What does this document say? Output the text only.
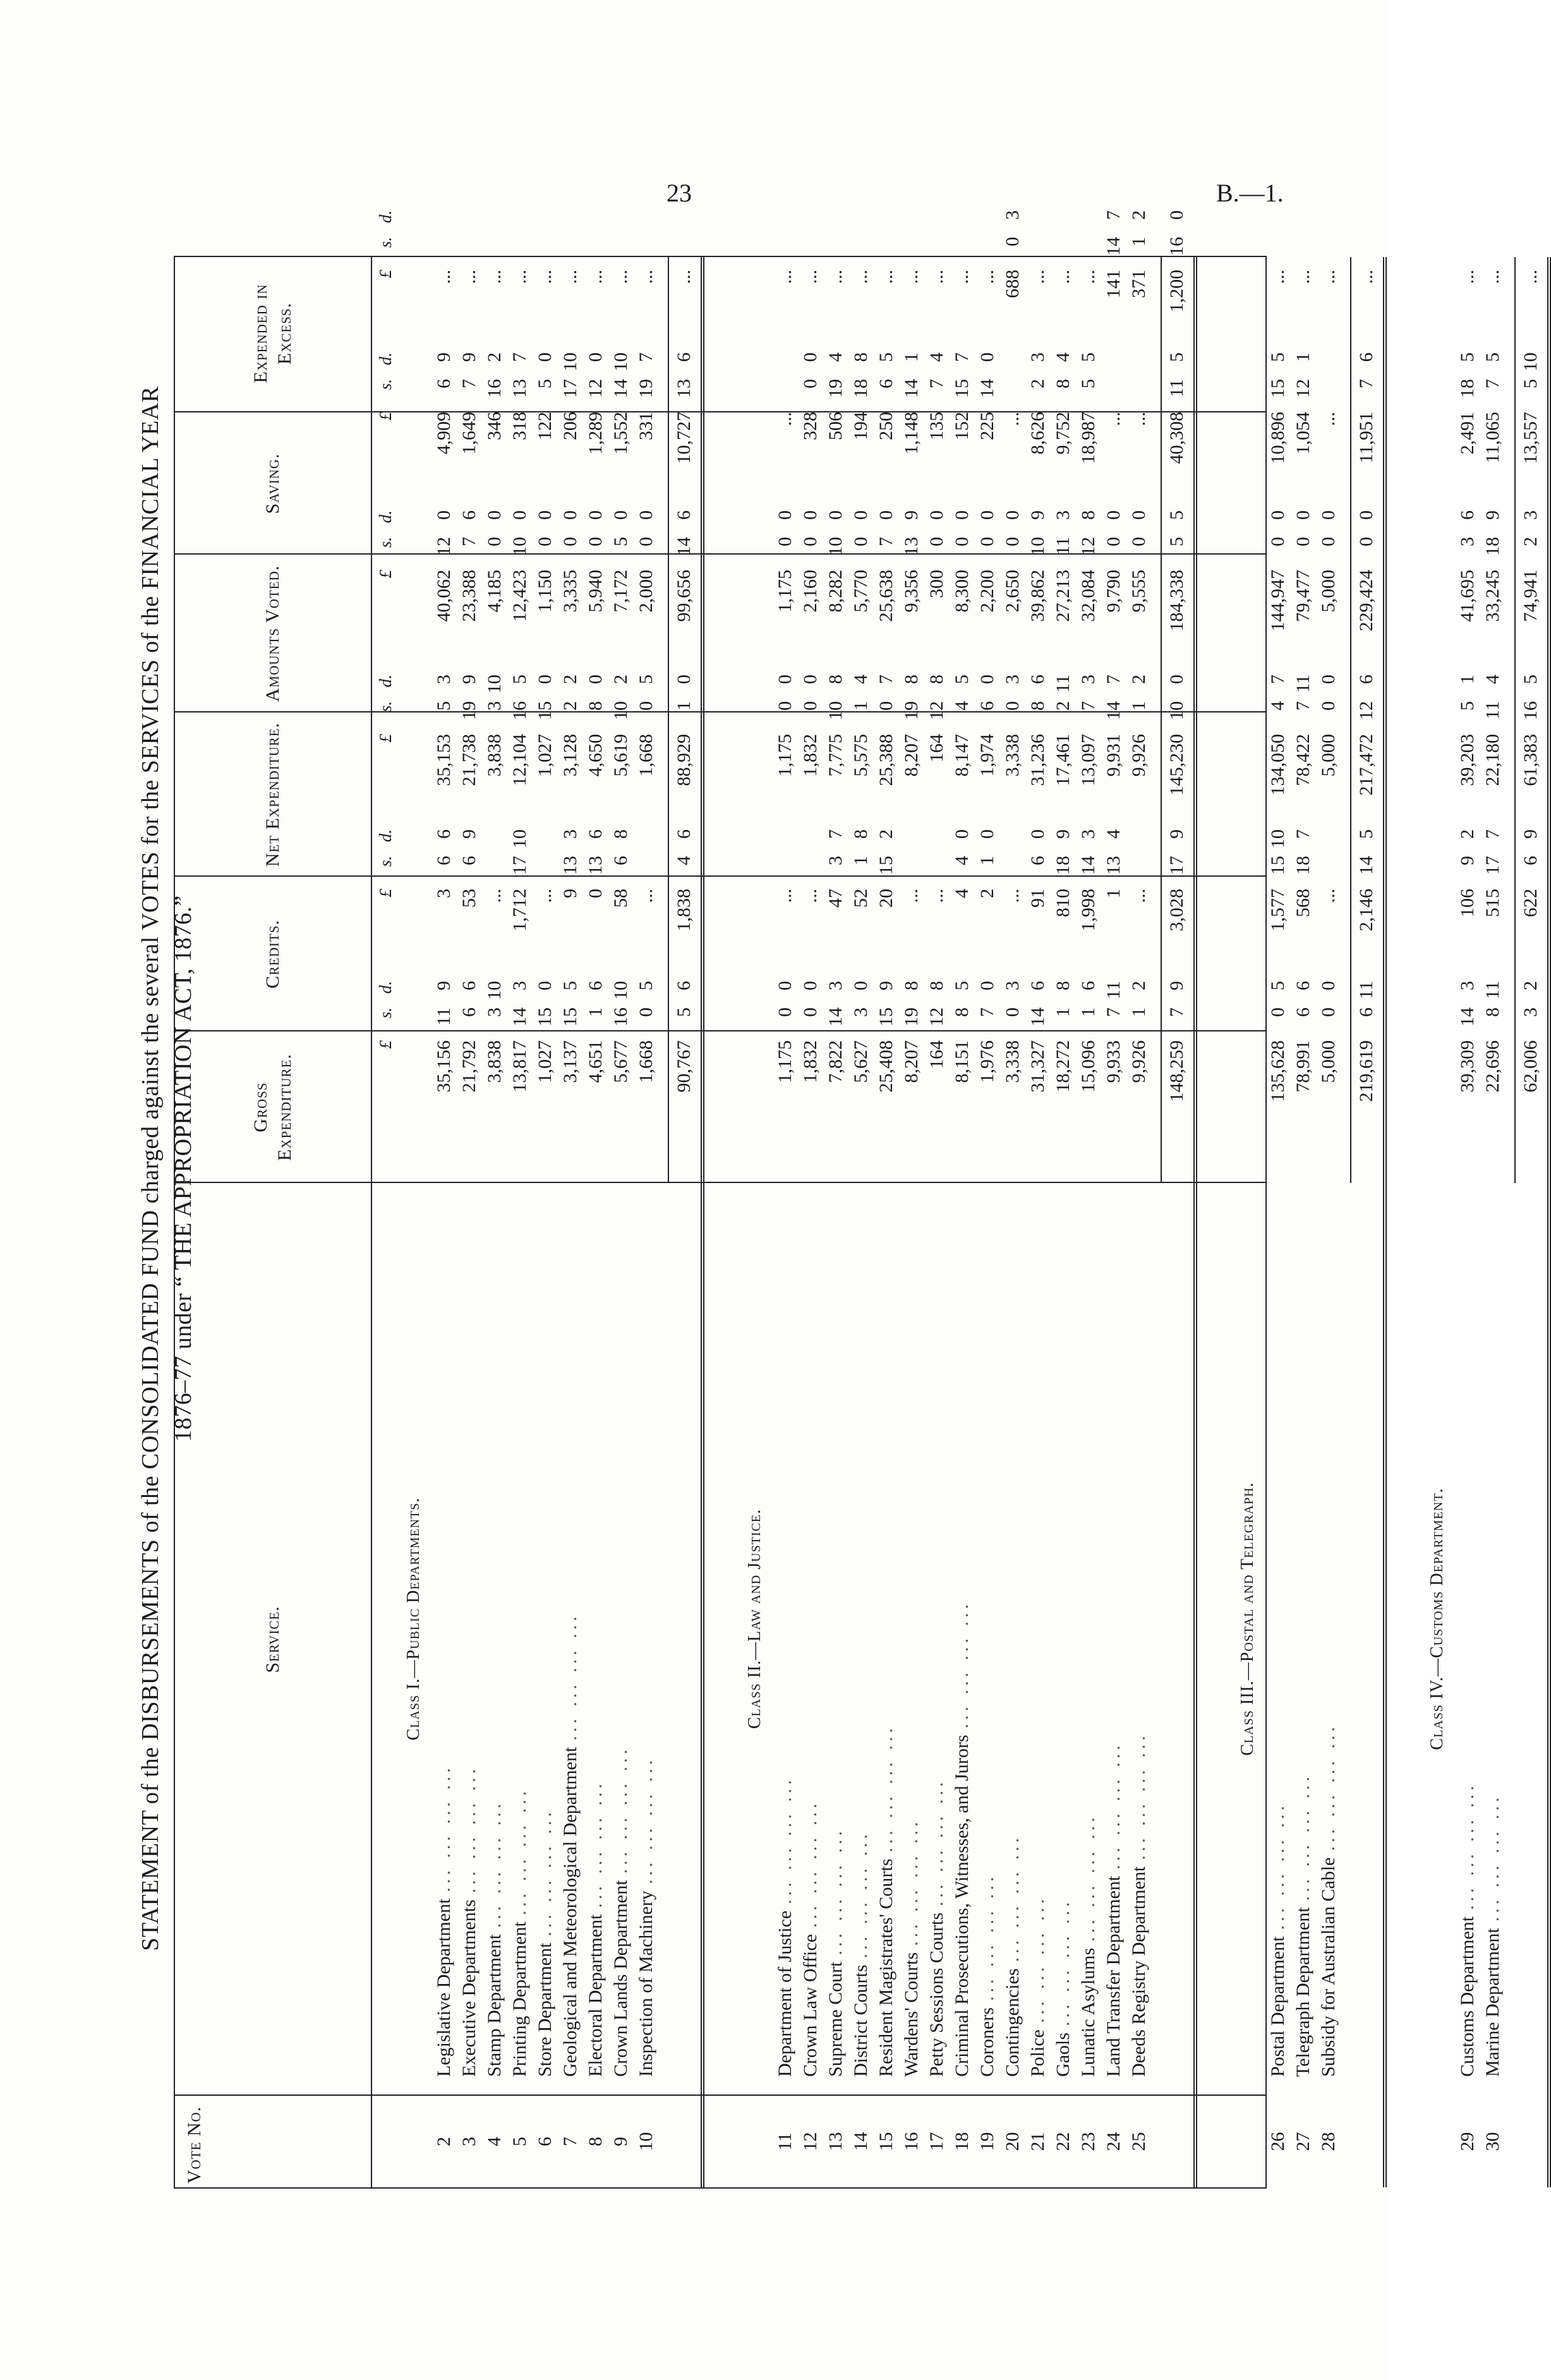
23	B.—1.
STATEMENT of the DISBURSEMENTS of the CONSOLIDATED FUND charged against the several VOTES for the SERVICES of the FINANCIAL YEAR 1876–77 under “ THE APPROPRIATION ACT, 1876.”
Vote No.
Service.
Gross Expenditure.
Credits.
Net Expenditure.
Amounts Voted.
Saving.
Expended in Excess.
£s.d.
£s.d.
£s.d.
£s.d.
£s.d.
£s.d.
Class I.—Public Departments.
2
Legislative Department... ... ... ...
35,156119
366
35,15353
40,062120
4,90969
...
3
Executive Departments... ... ... ...
21,79266
5369
21,738199
23,38876
1,64979
...
4
Stamp Department... ... ... ...
3,838310
...
3,838310
4,18500
346162
...
5
Printing Department... ... ... ...
13,817143
1,7121710
12,104165
12,423100
318137
...
6
Store Department... ... ... ...
1,027150
...
1,027150
1,15000
12250
...
7
Geological and Meteorological Department... ... ... ...
3,137155
9133
3,12822
3,33500
2061710
...
8
Electoral Department... ... ... ...
4,65116
0136
4,65080
5,94000
1,289120
...
9
Crown Lands Department... ... ... ...
5,6771610
5868
5,619102
7,17250
1,5521410
...
10
Inspection of Machinery... ... ... ...
1,66805
...
1,66805
2,00000
331197
...
90,76756
1,83846
88,92910
99,656146
10,727136
...
Class II.—Law and Justice.
11
Department of Justice... ... ... ...
1,17500
...
1,17500
1,17500
...
...
12
Crown Law Office... ... ... ...
1,83200
...
1,83200
2,16000
32800
...
13
Supreme Court... ... ... ...
7,822143
4737
7,775108
8,282100
506194
...
14
District Courts... ... ... ...
5,62730
5218
5,57514
5,77000
194188
...
15
Resident Magistrates' Courts... ... ... ...
25,408159
20152
25,38807
25,63870
25065
...
16
Wardens' Courts... ... ... ...
8,207198
...
8,207198
9,356139
1,148141
...
17
Petty Sessions Courts... ... ... ...
164128
...
164128
30000
13574
...
18
Criminal Prosecutions, Witnesses, and Jurors... ... ... ...
8,15185
440
8,14745
8,30000
152157
...
19
Coroners... ... ... ...
1,97670
210
1,97460
2,20000
225140
...
20
Contingencies... ... ... ...
3,33803
...
3,33803
2,65000
...
68803
21
Police... ... ... ...
31,327146
9160
31,23686
39,862109
8,62623
...
22
Gaols... ... ... ...
18,27218
810189
17,461211
27,213113
9,75284
...
23
Lunatic Asylums... ... ... ...
15,09616
1,998143
13,09773
32,084128
18,98755
...
24
Land Transfer Department... ... ... ...
9,933711
1134
9,931147
9,79000
...
141147
25
Deeds Registry Department... ... ... ...
9,92612
...
9,92612
9,55500
...
37112
148,25979
3,028179
145,230100
184,33855
40,308115
1,200160
Class III.—Postal and Telegraph.
26
Postal Department... ... ... ...
135,62805
1,5771510
134,05047
144,94700
10,896155
...
27
Telegraph Department... ... ... ...
78,99166
568187
78,422711
79,47700
1,054121
...
28
Subsidy for Australian Cable... ... ... ...
5,00000
...
5,00000
5,00000
...
...
219,619611
2,146145
217,472126
229,42400
11,95176
...
Class IV.—Customs Department.
29
Customs Department... ... ... ...
39,309143
10692
39,20351
41,69536
2,491185
...
30
Marine Department... ... ... ...
22,696811
515177
22,180114
33,245189
11,06575
...
62,00632
62269
61,383165
74,94123
13,557510
...
